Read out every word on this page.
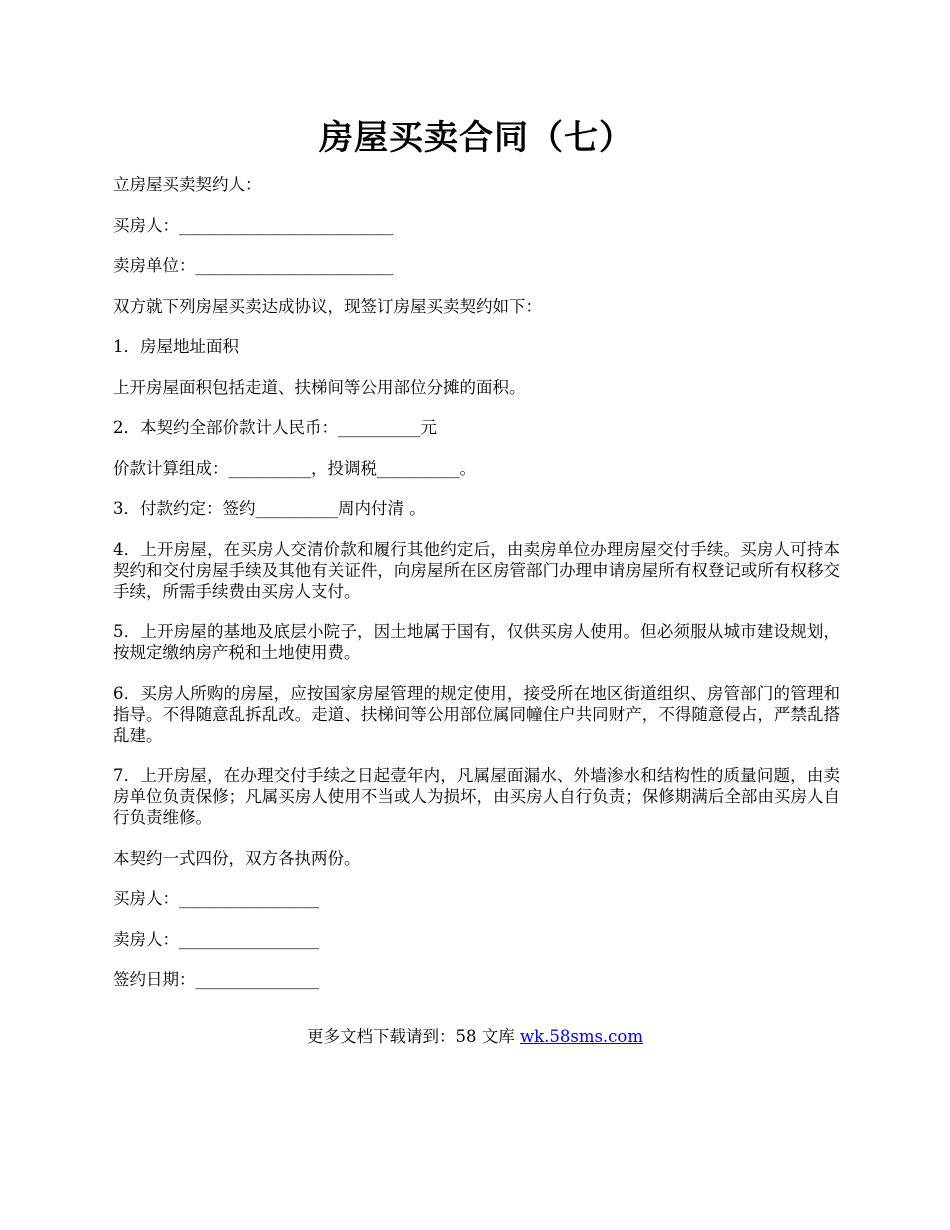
房屋买卖合同（七）

立房屋买卖契约人：

买房人：__________________________

卖房单位：________________________

双方就下列房屋买卖达成协议，现签订房屋买卖契约如下：

1．房屋地址面积

上开房屋面积包括走道、扶梯间等公用部位分摊的面积。

2．本契约全部价款计人民币：__________元

价款计算组成：__________，投调税__________。

3．付款约定：签约__________周内付清 。

4．上开房屋，在买房人交清价款和履行其他约定后，由卖房单位办理房屋交付手续。买房人可持本契约和交付房屋手续及其他有关证件，向房屋所在区房管部门办理申请房屋所有权登记或所有权移交手续，所需手续费由买房人支付。

5．上开房屋的基地及底层小院子，因土地属于国有，仅供买房人使用。但必须服从城市建设规划，按规定缴纳房产税和土地使用费。

6．买房人所购的房屋，应按国家房屋管理的规定使用，接受所在地区街道组织、房管部门的管理和指导。不得随意乱拆乱改。走道、扶梯间等公用部位属同幢住户共同财产，不得随意侵占，严禁乱搭乱建。

7．上开房屋，在办理交付手续之日起壹年内，凡属屋面漏水、外墙渗水和结构性的质量问题，由卖房单位负责保修；凡属买房人使用不当或人为损坏，由买房人自行负责；保修期满后全部由买房人自行负责维修。

本契约一式四份，双方各执两份。

买房人：_________________

卖房人：_________________

签约日期：_______________

更多文档下载请到：58 文库 wk.58sms.com
